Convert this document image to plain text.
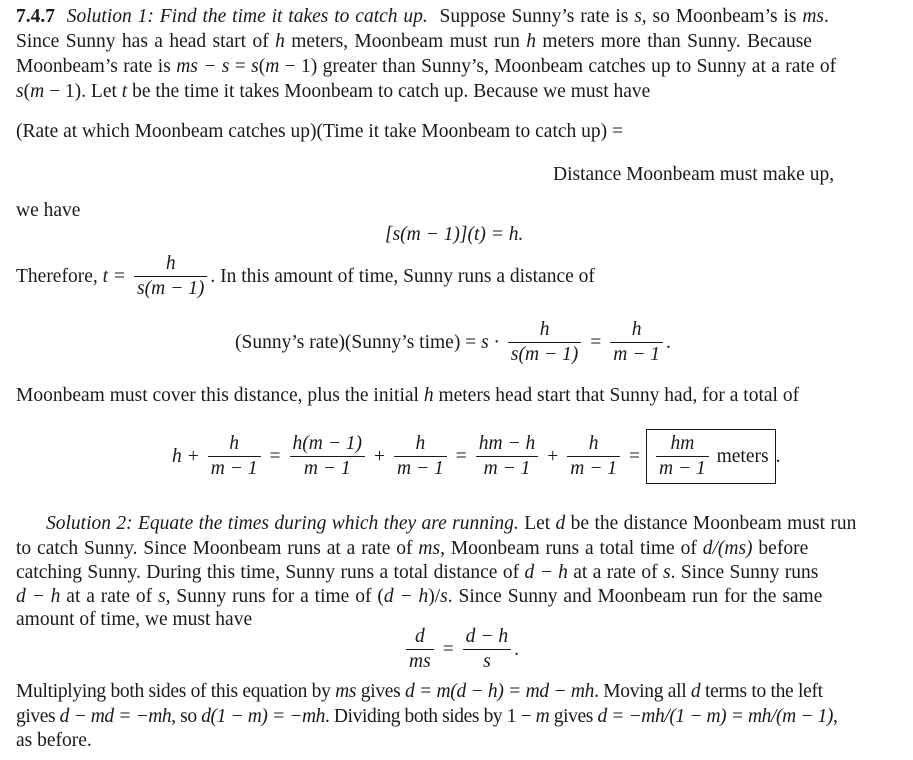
7.4.7 Solution 1: Find the time it takes to catch up. Suppose Sunny’s rate is s, so Moonbeam’s is ms.
Since Sunny has a head start of h meters, Moonbeam must run h meters more than Sunny. Because
Moonbeam’s rate is ms − s = s(m − 1) greater than Sunny’s, Moonbeam catches up to Sunny at a rate of
s(m − 1). Let t be the time it takes Moonbeam to catch up. Because we must have
(Rate at which Moonbeam catches up)(Time it take Moonbeam to catch up) =
Distance Moonbeam must make up,
we have
[s(m − 1)](t) = h.
Therefore, $t = \frac{h}{s(m - 1)}$ . In this amount of time, Sunny runs a distance of
(Sunny’s rate)(Sunny’s time) = $s \cdot \frac{h}{s(m - 1)} = \frac{h}{m - 1}$ .
Moonbeam must cover this distance, plus the initial h meters head start that Sunny had, for a total of
$h + \frac{h}{m - 1} = \frac{h(m - 1)}{m - 1} + \frac{h}{m - 1} = \frac{hm - h}{m - 1} + \frac{h}{m - 1} = \frac{hm}{m - 1}$ meters .
Solution 2: Equate the times during which they are running. Let d be the distance Moonbeam must run
to catch Sunny. Since Moonbeam runs at a rate of ms, Moonbeam runs a total time of d/(ms) before
catching Sunny. During this time, Sunny runs a total distance of d − h at a rate of s. Since Sunny runs
d − h at a rate of s, Sunny runs for a time of (d − h)/s. Since Sunny and Moonbeam run for the same
amount of time, we must have
$\frac{d}{ms} = \frac{d - h}{s}$ .
Multiplying both sides of this equation by ms gives d = m(d − h) = md − mh. Moving all d terms to the left
gives d − md = −mh, so d(1 − m) = −mh. Dividing both sides by 1 − m gives d = −mh/(1 − m) = mh/(m − 1),
as before.
